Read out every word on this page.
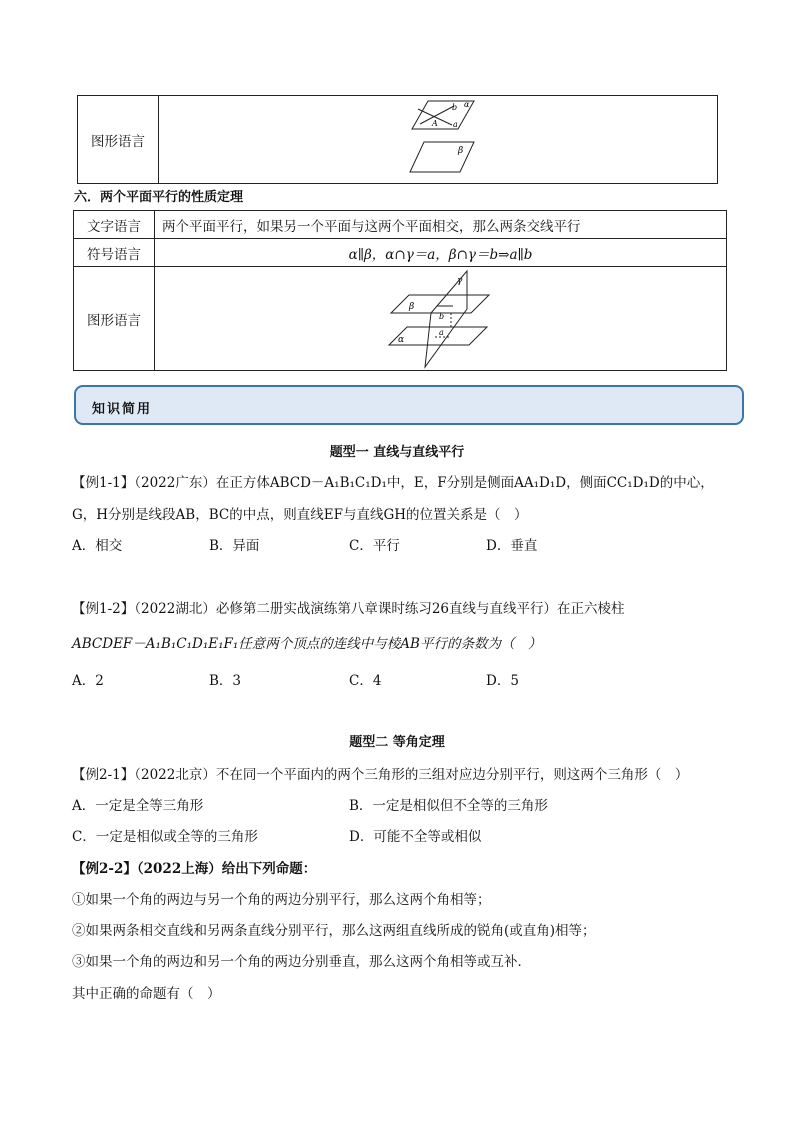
图形语言	
α
b
A a
β
六．两个平面平行的性质定理
文字语言	两个平面平行，如果另一个平面与这两个平面相交，那么两条交线平行
符号语言	α∥β，α∩γ＝a，β∩γ＝b⇒a∥b
图形语言	γ
β
α
a
b
知识简用
题型一 直线与直线平行
【例1-1】（2022广东）在正方体ABCD－A₁B₁C₁D₁中，E，F分别是侧面AA₁D₁D，侧面CC₁D₁D的中心，
G，H分别是线段AB，BC的中点，则直线EF与直线GH的位置关系是（　）
A．相交	B．异面	C．平行	D．垂直
【例1-2】（2022湖北）必修第二册实战演练第八章课时练习26直线与直线平行）在正六棱柱
ABCDEF－A₁B₁C₁D₁E₁F₁任意两个顶点的连线中与棱AB平行的条数为（　）
A．2	B．3	C．4	D．5
题型二 等角定理
【例2-1】（2022北京）不在同一个平面内的两个三角形的三组对应边分别平行，则这两个三角形（　）
A．一定是全等三角形	B．一定是相似但不全等的三角形
C．一定是相似或全等的三角形	D．可能不全等或相似
【例2-2】（2022上海）给出下列命题：
①如果一个角的两边与另一个角的两边分别平行，那么这两个角相等；
②如果两条相交直线和另两条直线分别平行，那么这两组直线所成的锐角(或直角)相等；
③如果一个角的两边和另一个角的两边分别垂直，那么这两个角相等或互补．
其中正确的命题有（　）
